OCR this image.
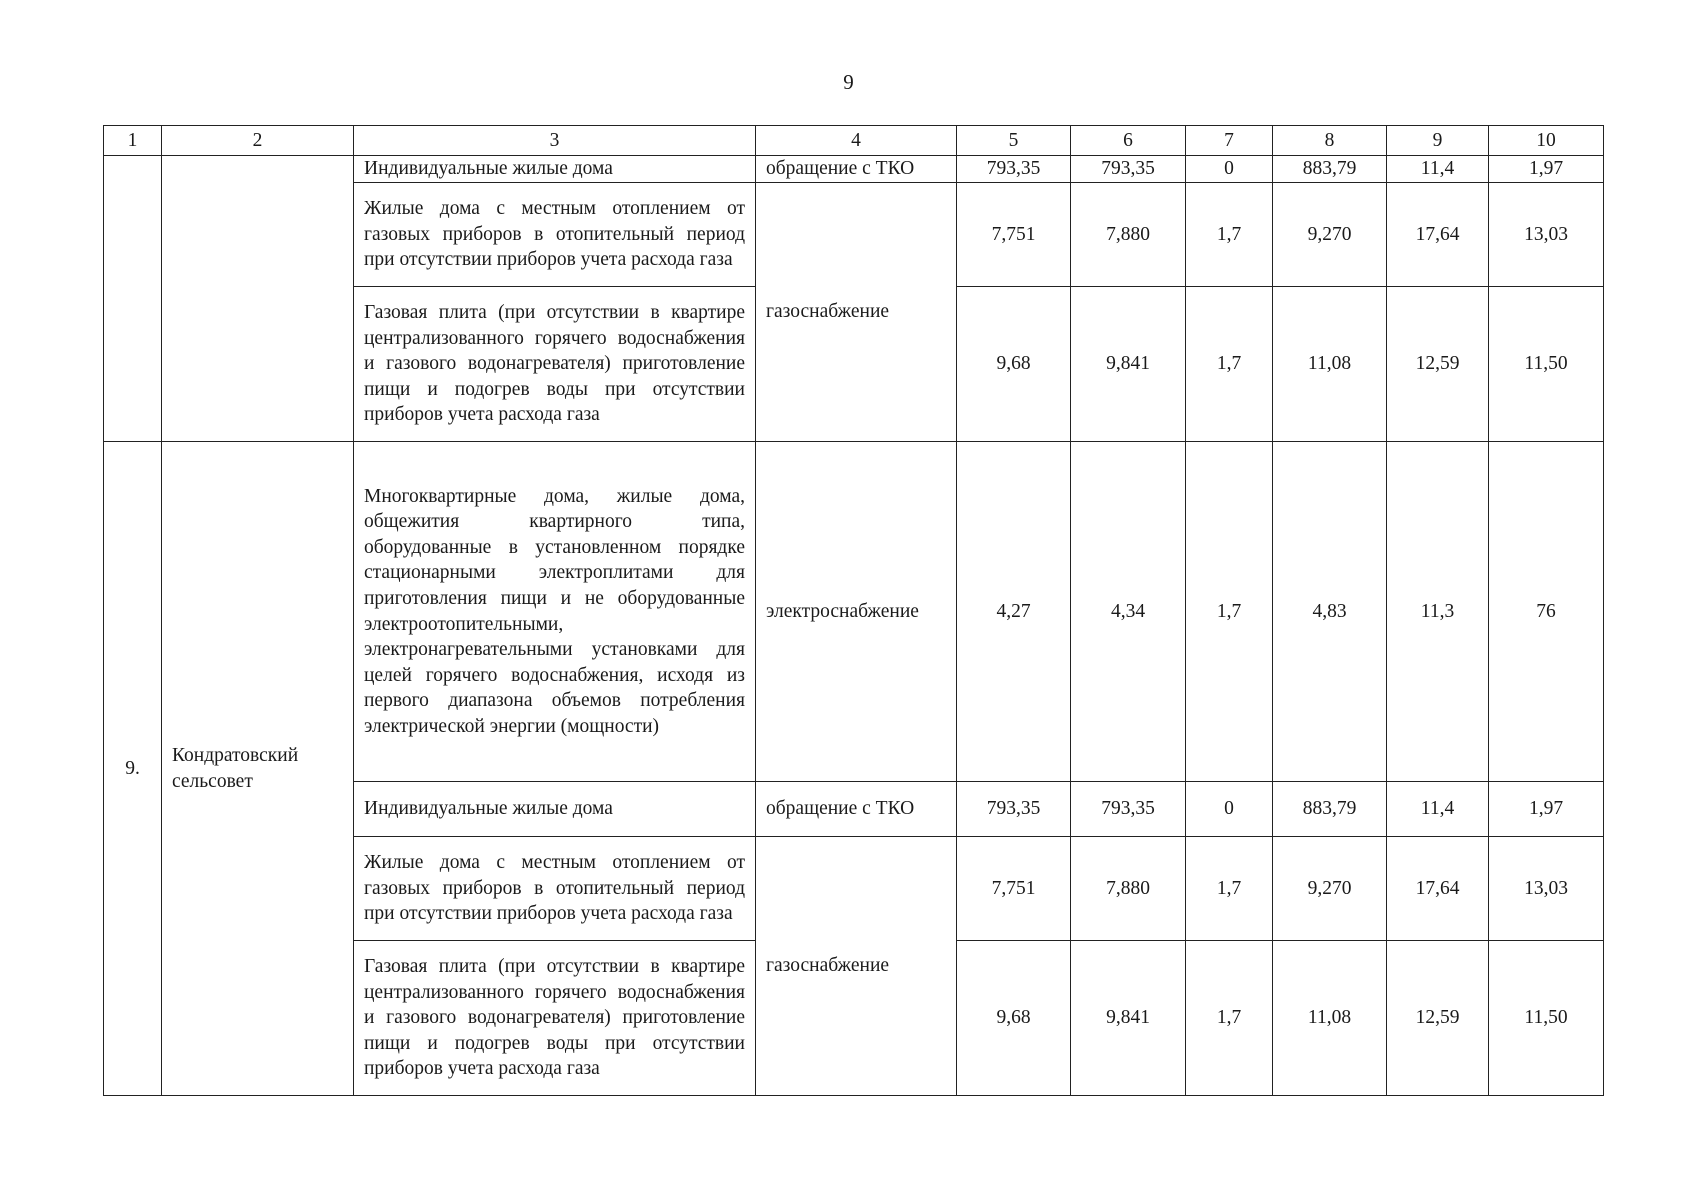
9
1	2	3	4	5	6	7	8	9	10
		Индивидуальные жилые дома	обращение с ТКО	793,35	793,35	0	883,79	11,4	1,97
		Жилые дома с местным отоплением от газовых приборов в отопительный период при отсутствии приборов учета расхода газа	газоснабжение	7,751	7,880	1,7	9,270	17,64	13,03
		Газовая плита (при отсутствии в квартире централизованного горячего водоснабжения и газового водонагревателя) приготовление пищи и подогрев воды при отсутствии приборов учета расхода газа		9,68	9,841	1,7	11,08	12,59	11,50
9.	Кондратовский сельсовет	Многоквартирные дома, жилые дома, общежития квартирного типа, оборудованные в установленном порядке стационарными электроплитами для приготовления пищи и не оборудованные электроотопительными, электронагревательными установками для целей горячего водоснабжения, исходя из первого диапазона объемов потребления электрической энергии (мощности)	электроснабжение	4,27	4,34	1,7	4,83	11,3	76
		Индивидуальные жилые дома	обращение с ТКО	793,35	793,35	0	883,79	11,4	1,97
		Жилые дома с местным отоплением от газовых приборов в отопительный период при отсутствии приборов учета расхода газа	газоснабжение	7,751	7,880	1,7	9,270	17,64	13,03
		Газовая плита (при отсутствии в квартире централизованного горячего водоснабжения и газового водонагревателя) приготовление пищи и подогрев воды при отсутствии приборов учета расхода газа		9,68	9,841	1,7	11,08	12,59	11,50
